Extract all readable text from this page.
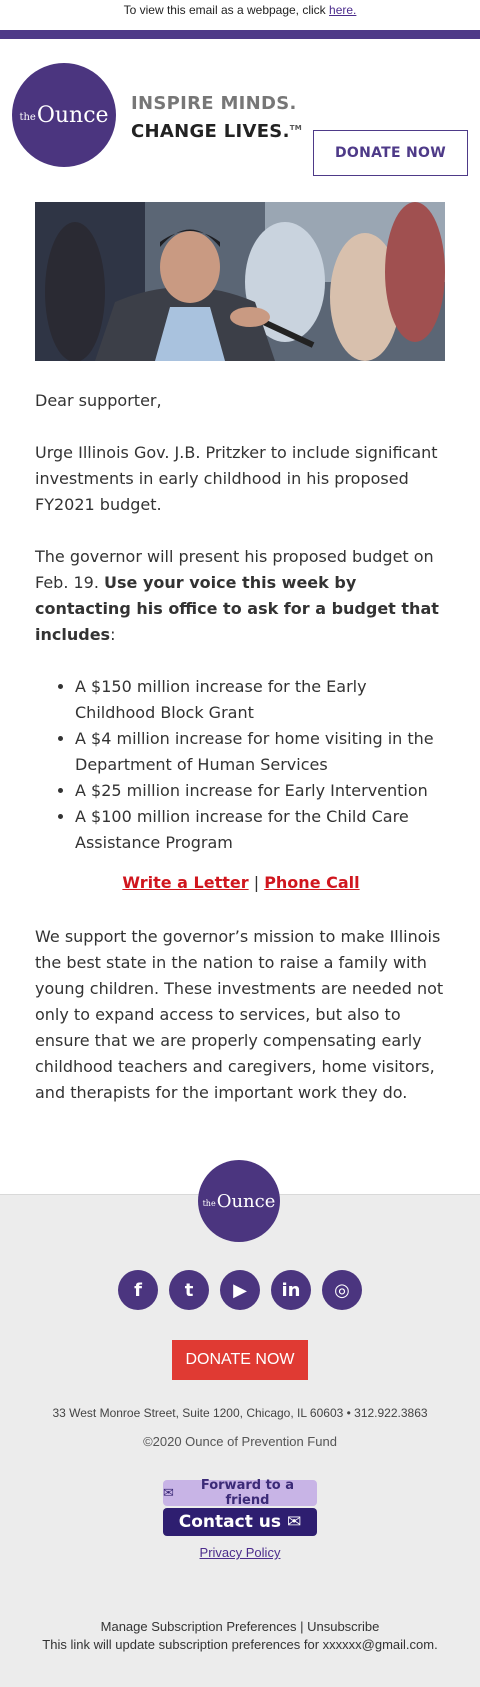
To view this email as a webpage, click here.
the Ounce INSPIRE MINDS.
CHANGE LIVES.™
DONATE NOW

Dear supporter,

Urge Illinois Gov. J.B. Pritzker to include significant investments in early childhood in his proposed FY2021 budget.

The governor will present his proposed budget on Feb. 19. Use your voice this week by contacting his office to ask for a budget that includes:

• A $150 million increase for the Early Childhood Block Grant
• A $4 million increase for home visiting in the Department of Human Services
• A $25 million increase for Early Intervention
• A $100 million increase for the Child Care Assistance Program
Write a Letter | Phone Call

We support the governor’s mission to make Illinois the best state in the nation to raise a family with young children. These investments are needed not only to expand access to services, but also to ensure that we are properly compensating early childhood teachers and caregivers, home visitors, and therapists for the important work they do.

the Ounce
f	t	▶	in	◎
DONATE NOW
33 West Monroe Street, Suite 1200, Chicago, IL 60603 • 312.922.3863
©2020 Ounce of Prevention Fund
✉	Forward to a friend
Contact us ✉
Privacy Policy
Manage Subscription Preferences | Unsubscribe
This link will update subscription preferences for xxxxxx@gmail.com.
